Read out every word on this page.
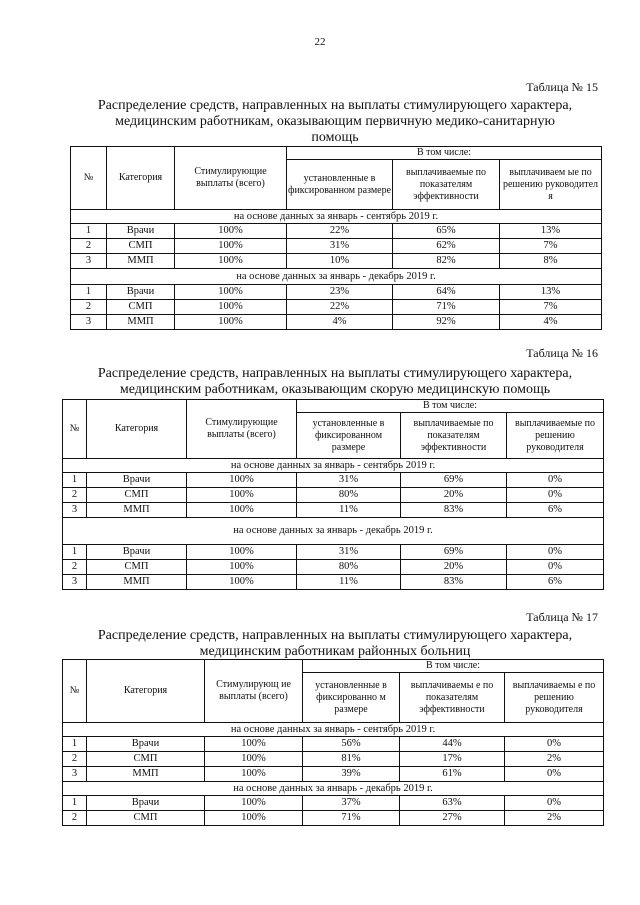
22
Таблица № 15
Распределение средств, направленных на выплаты стимулирующего характера,
медицинским работникам, оказывающим первичную медико-санитарную
помощь
№	Категория	Стимулирующие выплаты (всего)	В том числе:		
			установленные в фиксированном размере	выплачиваемые по показателям эффективности	выплачиваем ые по решению руководител я
на основе данных за январь - сентябрь 2019 г.					
1	Врачи	100%	22%	65%	13%
2	СМП	100%	31%	62%	7%
3	ММП	100%	10%	82%	8%
на основе данных за январь - декабрь 2019 г.					
1	Врачи	100%	23%	64%	13%
2	СМП	100%	22%	71%	7%
3	ММП	100%	4%	92%	4%
Таблица № 16
Распределение средств, направленных на выплаты стимулирующего характера,
медицинским работникам, оказывающим скорую медицинскую помощь
№	Категория	Стимулирующие выплаты (всего)	В том числе:		
			установленные в фиксированном размере	выплачиваемые по показателям эффективности	выплачиваемые по решению руководителя
на основе данных за январь - сентябрь 2019 г.					
1	Врачи	100%	31%	69%	0%
2	СМП	100%	80%	20%	0%
3	ММП	100%	11%	83%	6%
на основе данных за январь - декабрь 2019 г.					
1	Врачи	100%	31%	69%	0%
2	СМП	100%	80%	20%	0%
3	ММП	100%	11%	83%	6%
Таблица № 17
Распределение средств, направленных на выплаты стимулирующего характера,
медицинским работникам районных больниц
№	Категория	Стимулирующ ие выплаты (всего)	В том числе:		
			установленные в фиксированно м размере	выплачиваемы е по показателям эффективности	выплачиваемы е по решению руководителя
на основе данных за январь - сентябрь 2019 г.					
1	Врачи	100%	56%	44%	0%
2	СМП	100%	81%	17%	2%
3	ММП	100%	39%	61%	0%
на основе данных за январь - декабрь 2019 г.					
1	Врачи	100%	37%	63%	0%
2	СМП	100%	71%	27%	2%
